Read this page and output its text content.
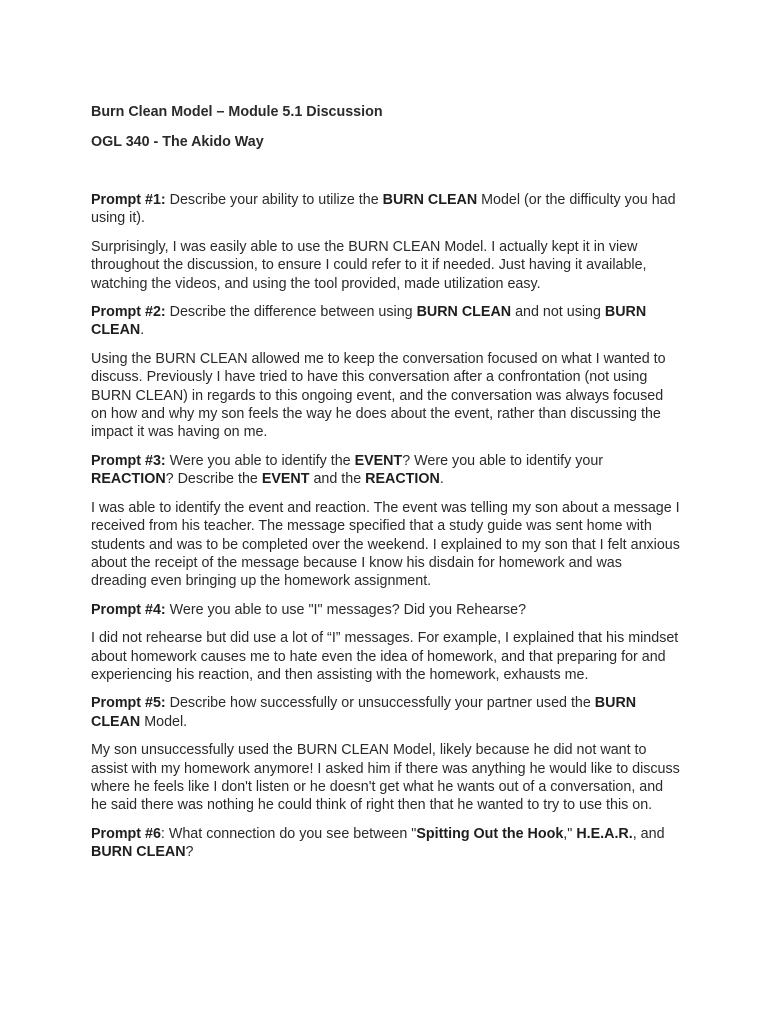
Burn Clean Model – Module 5.1 Discussion
OGL 340 - The Akido Way

Prompt #1: Describe your ability to utilize the BURN CLEAN Model (or the difficulty you had using it).

Surprisingly, I was easily able to use the BURN CLEAN Model. I actually kept it in view throughout the discussion, to ensure I could refer to it if needed. Just having it available, watching the videos, and using the tool provided, made utilization easy.

Prompt #2: Describe the difference between using BURN CLEAN and not using BURN CLEAN.

Using the BURN CLEAN allowed me to keep the conversation focused on what I wanted to discuss. Previously I have tried to have this conversation after a confrontation (not using BURN CLEAN) in regards to this ongoing event, and the conversation was always focused on how and why my son feels the way he does about the event, rather than discussing the impact it was having on me.

Prompt #3: Were you able to identify the EVENT? Were you able to identify your REACTION? Describe the EVENT and the REACTION.

I was able to identify the event and reaction. The event was telling my son about a message I received from his teacher. The message specified that a study guide was sent home with students and was to be completed over the weekend. I explained to my son that I felt anxious about the receipt of the message because I know his disdain for homework and was dreading even bringing up the homework assignment.

Prompt #4: Were you able to use "I" messages? Did you Rehearse?

I did not rehearse but did use a lot of “I” messages. For example, I explained that his mindset about homework causes me to hate even the idea of homework, and that preparing for and experiencing his reaction, and then assisting with the homework, exhausts me.

Prompt #5: Describe how successfully or unsuccessfully your partner used the BURN CLEAN Model.

My son unsuccessfully used the BURN CLEAN Model, likely because he did not want to assist with my homework anymore! I asked him if there was anything he would like to discuss where he feels like I don't listen or he doesn't get what he wants out of a conversation, and he said there was nothing he could think of right then that he wanted to try to use this on.

Prompt #6: What connection do you see between "Spitting Out the Hook," H.E.A.R., and BURN CLEAN?
